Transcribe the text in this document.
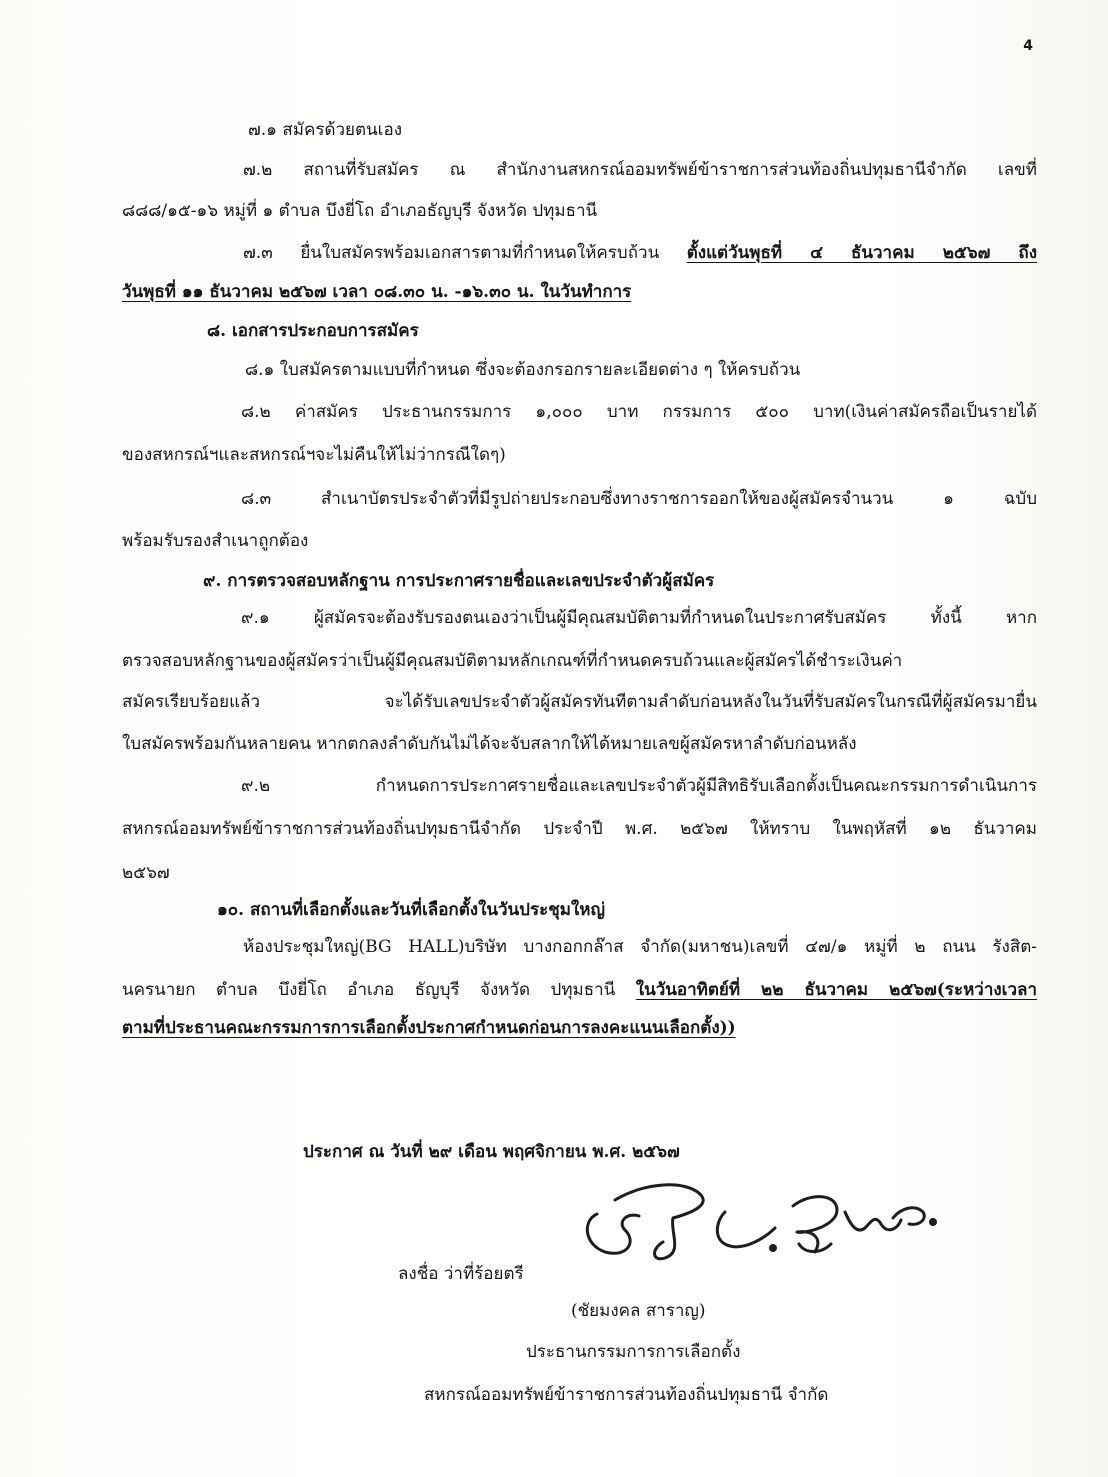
4
๗.๑ สมัครด้วยตนเอง
๗.๒ สถานที่รับสมัคร ณ สำนักงานสหกรณ์ออมทรัพย์ข้าราชการส่วนท้องถิ่นปทุมธานีจำกัด เลขที่
๘๘๘/๑๕-๑๖ หมู่ที่ ๑ ตำบล บึงยี่โถ อำเภอธัญบุรี จังหวัด ปทุมธานี
๗.๓ ยื่นใบสมัครพร้อมเอกสารตามที่กำหนดให้ครบถ้วน ตั้งแต่วันพุธที่ ๔ ธันวาคม ๒๕๖๗ ถึง
วันพุธที่ ๑๑ ธันวาคม ๒๕๖๗ เวลา ๐๘.๓๐ น. -๑๖.๓๐ น. ในวันทำการ
๘. เอกสารประกอบการสมัคร
๘.๑ ใบสมัครตามแบบที่กำหนด ซึ่งจะต้องกรอกรายละเอียดต่าง ๆ ให้ครบถ้วน
๘.๒ ค่าสมัคร ประธานกรรมการ ๑,๐๐๐ บาท กรรมการ ๕๐๐ บาท(เงินค่าสมัครถือเป็นรายได้
ของสหกรณ์ฯและสหกรณ์ฯจะไม่คืนให้ไม่ว่ากรณีใดๆ)
๘.๓ สำเนาบัตรประจำตัวที่มีรูปถ่ายประกอบซึ่งทางราชการออกให้ของผู้สมัครจำนวน ๑ ฉบับ
พร้อมรับรองสำเนาถูกต้อง
๙. การตรวจสอบหลักฐาน การประกาศรายชื่อและเลขประจำตัวผู้สมัคร
๙.๑ ผู้สมัครจะต้องรับรองตนเองว่าเป็นผู้มีคุณสมบัติตามที่กำหนดในประกาศรับสมัคร ทั้งนี้ หาก
ตรวจสอบหลักฐานของผู้สมัครว่าเป็นผู้มีคุณสมบัติตามหลักเกณฑ์ที่กำหนดครบถ้วนและผู้สมัครได้ชำระเงินค่า
สมัครเรียบร้อยแล้ว จะได้รับเลขประจำตัวผู้สมัครทันทีตามลำดับก่อนหลังในวันที่รับสมัครในกรณีที่ผู้สมัครมายื่น
ใบสมัครพร้อมกันหลายคน หากตกลงลำดับกันไม่ได้จะจับสลากให้ได้หมายเลขผู้สมัครหาลำดับก่อนหลัง
๙.๒ กำหนดการประกาศรายชื่อและเลขประจำตัวผู้มีสิทธิรับเลือกตั้งเป็นคณะกรรมการดำเนินการ
สหกรณ์ออมทรัพย์ข้าราชการส่วนท้องถิ่นปทุมธานีจำกัด ประจำปี พ.ศ. ๒๕๖๗ ให้ทราบ ในพฤหัสที่ ๑๒ ธันวาคม
๒๕๖๗
๑๐. สถานที่เลือกตั้งและวันที่เลือกตั้งในวันประชุมใหญ่
ห้องประชุมใหญ่(BG HALL)บริษัท บางกอกกล๊าส จำกัด(มหาชน)เลขที่ ๔๗/๑ หมู่ที่ ๒ ถนน รังสิต-
นครนายก ตำบล บึงยี่โถ อำเภอ ธัญบุรี จังหวัด ปทุมธานี ในวันอาทิตย์ที่ ๒๒ ธันวาคม ๒๕๖๗(ระหว่างเวลา
ตามที่ประธานคณะกรรมการการเลือกตั้งประกาศกำหนดก่อนการลงคะแนนเลือกตั้ง))
ประกาศ ณ วันที่ ๒๙ เดือน พฤศจิกายน พ.ศ. ๒๕๖๗
ลงชื่อ ว่าที่ร้อยตรี
(ชัยมงคล สาราญ)
ประธานกรรมการการเลือกตั้ง
สหกรณ์ออมทรัพย์ข้าราชการส่วนท้องถิ่นปทุมธานี จำกัด
